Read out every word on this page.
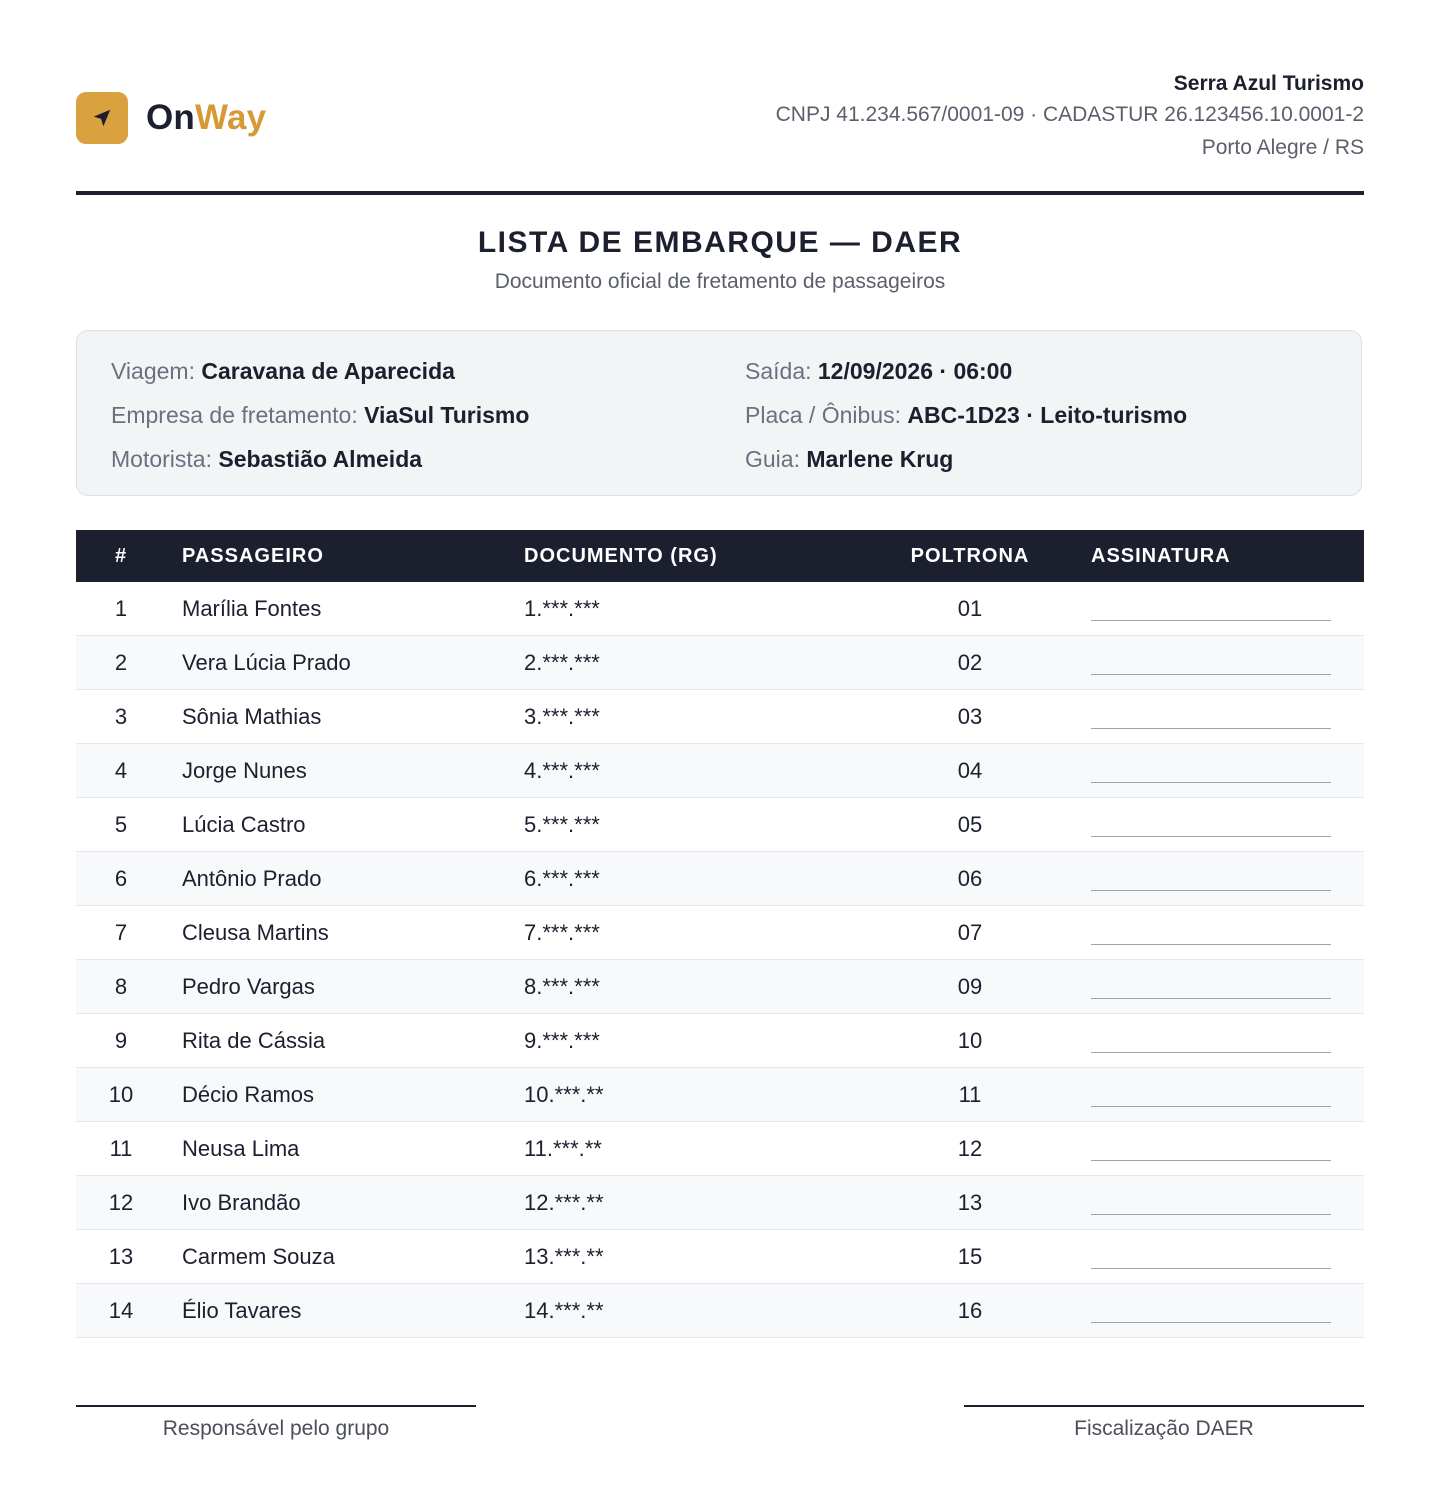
OnWay
Serra Azul Turismo
CNPJ 41.234.567/0001-09 · CADASTUR 26.123456.10.0001-2
Porto Alegre / RS
LISTA DE EMBARQUE — DAER
Documento oficial de fretamento de passageiros
Viagem: Caravana de Aparecida
Empresa de fretamento: ViaSul Turismo
Motorista: Sebastião Almeida
Saída: 12/09/2026 · 06:00
Placa / Ônibus: ABC-1D23 · Leito-turismo
Guia: Marlene Krug
#	PASSAGEIRO	DOCUMENTO (RG)	POLTRONA	ASSINATURA
1	Marília Fontes	1.***.***	01	

2	Vera Lúcia Prado	2.***.***	02	

3	Sônia Mathias	3.***.***	03	

4	Jorge Nunes	4.***.***	04	

5	Lúcia Castro	5.***.***	05	

6	Antônio Prado	6.***.***	06	

7	Cleusa Martins	7.***.***	07	

8	Pedro Vargas	8.***.***	09	

9	Rita de Cássia	9.***.***	10	

10	Décio Ramos	10.***.**	11	

11	Neusa Lima	11.***.**	12	

12	Ivo Brandão	12.***.**	13	

13	Carmem Souza	13.***.**	15	

14	Élio Tavares	14.***.**	16	
Responsável pelo grupo	Fiscalização DAER
